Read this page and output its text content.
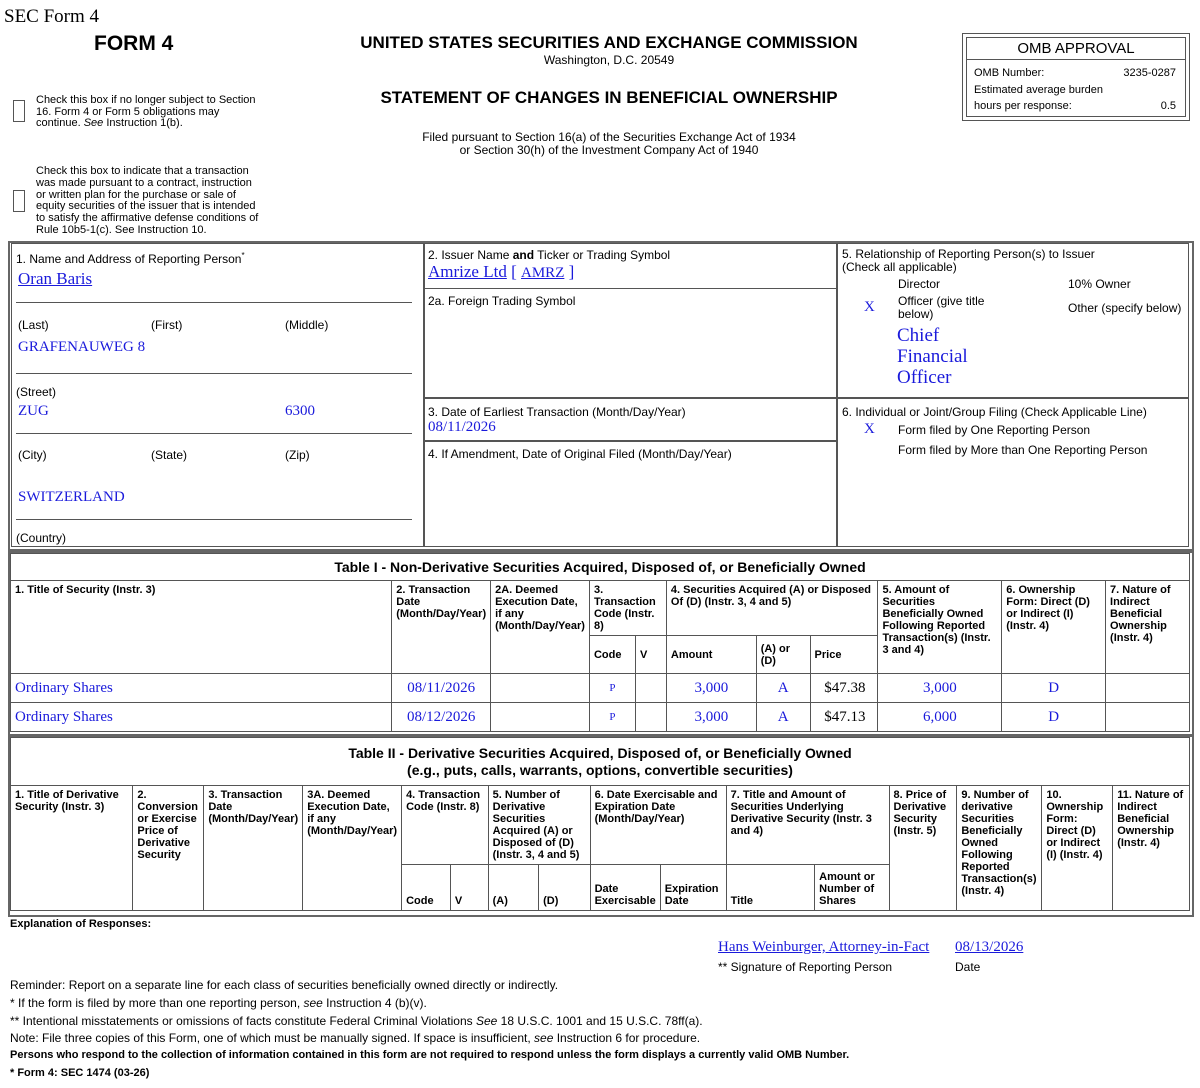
SEC Form 4
FORM 4	UNITED STATES SECURITIES AND EXCHANGE COMMISSION
Washington, D.C. 20549
STATEMENT OF CHANGES IN BENEFICIAL OWNERSHIP
Filed pursuant to Section 16(a) of the Securities Exchange Act of 1934
or Section 30(h) of the Investment Company Act of 1940
OMB APPROVAL
OMB Number:	3235-0287
Estimated average burden
hours per response:	0.5
Check this box if no longer subject to Section
16. Form 4 or Form 5 obligations may
continue. See Instruction 1(b).
Check this box to indicate that a transaction
was made pursuant to a contract, instruction
or written plan for the purchase or sale of
equity securities of the issuer that is intended
to satisfy the affirmative defense conditions of
Rule 10b5-1(c). See Instruction 10.
1. Name and Address of Reporting Person*
Oran Baris
(Last)	(First)	(Middle)
GRAFENAUWEG 8
(Street)
ZUG	6300
(City)	(State)	(Zip)
SWITZERLAND
(Country)
2. Issuer Name and Ticker or Trading Symbol
Amrize Ltd [ AMRZ ]
2a. Foreign Trading Symbol
3. Date of Earliest Transaction (Month/Day/Year)
08/11/2026
4. If Amendment, Date of Original Filed (Month/Day/Year)
5. Relationship of Reporting Person(s) to Issuer
(Check all applicable)
Director	10% Owner
X Officer (give title
below)	Other (specify below)
Chief
Financial
Officer
6. Individual or Joint/Group Filing (Check Applicable Line)
X Form filed by One Reporting Person
Form filed by More than One Reporting Person
Table I - Non-Derivative Securities Acquired, Disposed of, or Beneficially Owned										
1. Title of Security (Instr. 3)	2. Transaction Date (Month/Day/Year)	2A. Deemed Execution Date, if any (Month/Day/Year)	3. Transaction Code (Instr. 8)		4. Securities Acquired (A) or Disposed Of (D) (Instr. 3, 4 and 5)			5. Amount of Securities Beneficially Owned Following Reported Transaction(s) (Instr. 3 and 4)	6. Ownership Form: Direct (D) or Indirect (I) (Instr. 4)	7. Nature of Indirect Beneficial Ownership (Instr. 4)
			Code	V	Amount	(A) or (D)	Price			
Ordinary Shares	08/11/2026		P		3,000	A	$47.38	3,000	D	
Ordinary Shares	08/12/2026		P		3,000	A	$47.13	6,000	D	
Table II - Derivative Securities Acquired, Disposed of, or Beneficially Owned
(e.g., puts, calls, warrants, options, convertible securities)															

1. Title of Derivative Security (Instr. 3)	2. Conversion or Exercise Price of Derivative Security	3. Transaction Date (Month/Day/Year)	3A. Deemed Execution Date, if any (Month/Day/Year)	4. Transaction Code (Instr. 8)		5. Number of Derivative Securities Acquired (A) or Disposed of (D) (Instr. 3, 4 and 5)		6. Date Exercisable and Expiration Date (Month/Day/Year)		7. Title and Amount of Securities Underlying Derivative Security (Instr. 3 and 4)		8. Price of Derivative Security (Instr. 5)	9. Number of derivative Securities Beneficially Owned Following Reported Transaction(s) (Instr. 4)	10. Ownership Form: Direct (D) or Indirect (I) (Instr. 4)	11. Nature of Indirect Beneficial Ownership (Instr. 4)
				Code	V	(A)	(D)	Date Exercisable	Expiration Date	Title	Amount or Number of Shares				
Explanation of Responses:
Hans Weinburger, Attorney-in-Fact 08/13/2026
** Signature of Reporting Person	Date
Reminder: Report on a separate line for each class of securities beneficially owned directly or indirectly.
* If the form is filed by more than one reporting person, see Instruction 4 (b)(v).
** Intentional misstatements or omissions of facts constitute Federal Criminal Violations See 18 U.S.C. 1001 and 15 U.S.C. 78ff(a).
Note: File three copies of this Form, one of which must be manually signed. If space is insufficient, see Instruction 6 for procedure.
Persons who respond to the collection of information contained in this form are not required to respond unless the form displays a currently valid OMB Number.
* Form 4: SEC 1474 (03-26)
